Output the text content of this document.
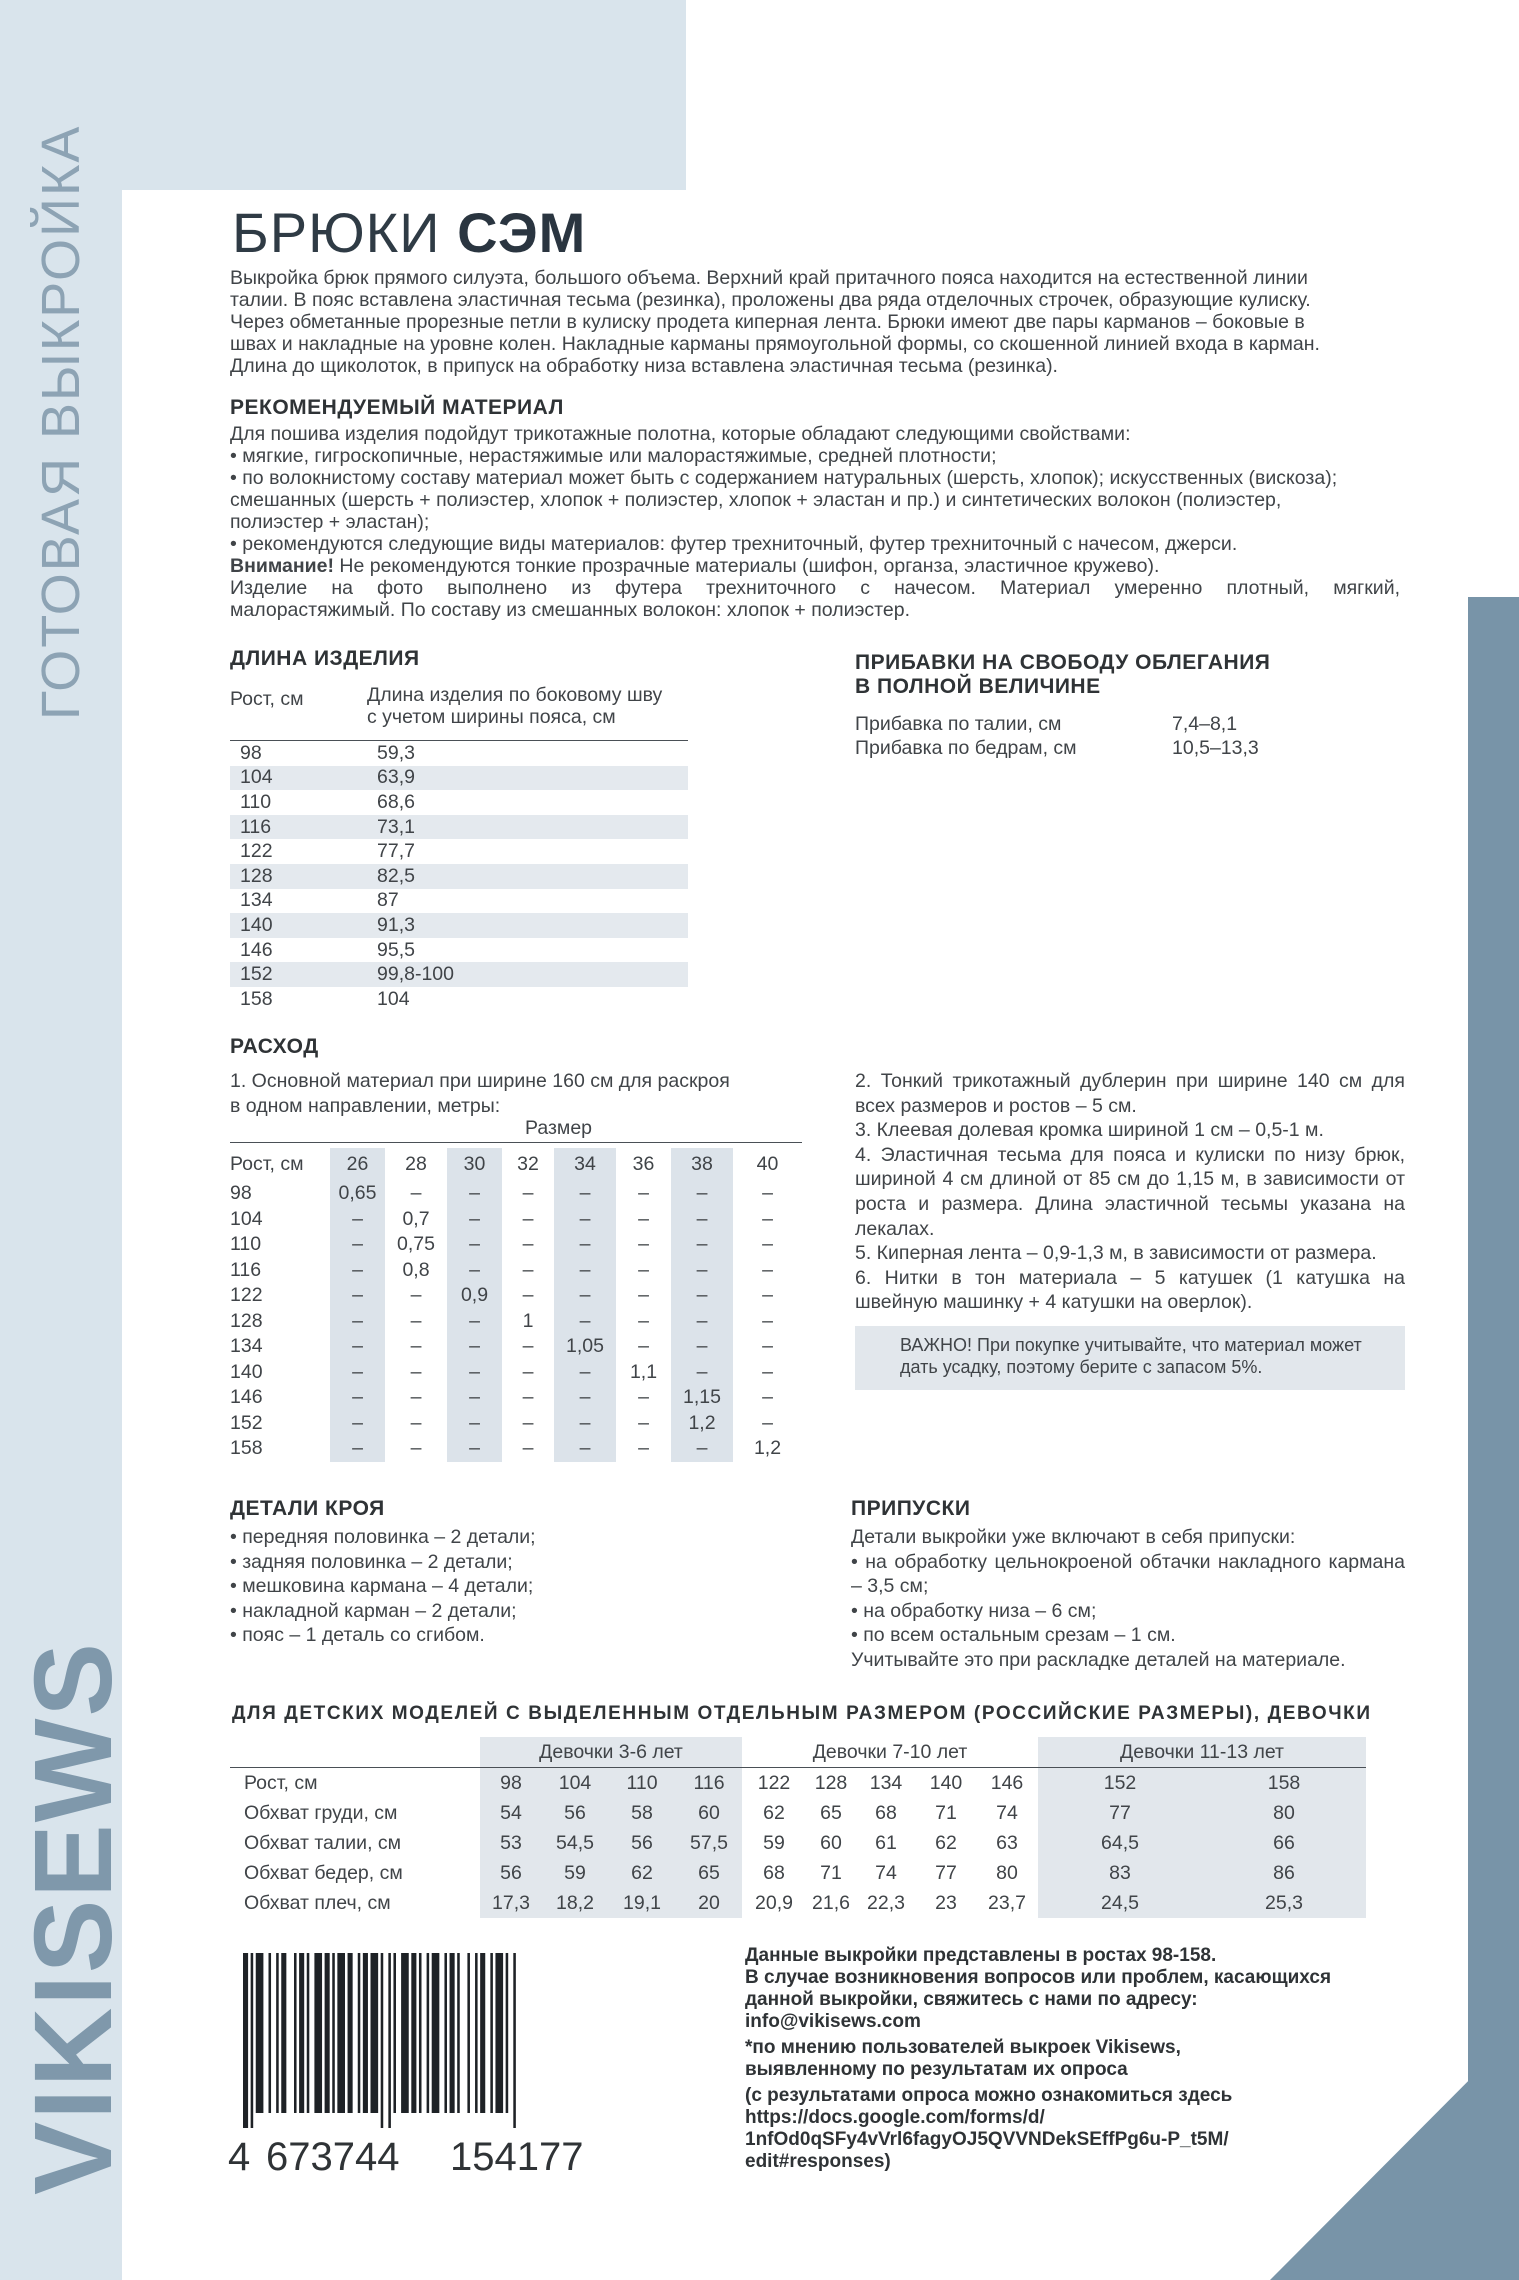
ГОТОВАЯ ВЫКРОЙКА
VIKISEWS
БРЮКИ СЭМ
Выкройка брюк прямого силуэта, большого объема. Верхний край притачного пояса находится на естественной линии
талии. В пояс вставлена эластичная тесьма (резинка), проложены два ряда отделочных строчек, образующие кулиску.
Через обметанные прорезные петли в кулиску продета киперная лента. Брюки имеют две пары карманов – боковые в
швах и накладные на уровне колен. Накладные карманы прямоугольной формы, со скошенной линией входа в карман.
Длина до щиколоток, в припуск на обработку низа вставлена эластичная тесьма (резинка).
РЕКОМЕНДУЕМЫЙ МАТЕРИАЛ
Для пошива изделия подойдут трикотажные полотна, которые обладают следующими свойствами:
• мягкие, гигроскопичные, нерастяжимые или малорастяжимые, средней плотности;
• по волокнистому составу материал может быть с содержанием натуральных (шерсть, хлопок); искусственных (вискоза);
смешанных (шерсть + полиэстер, хлопок + полиэстер, хлопок + эластан и пр.) и синтетических волокон (полиэстер,
полиэстер + эластан);
• рекомендуются следующие виды материалов: футер трехниточный, футер трехниточный с начесом, джерси.
Внимание! Не рекомендуются тонкие прозрачные материалы (шифон, органза, эластичное кружево).
Изделие на фото выполнено из футера трехниточного с начесом. Материал умеренно плотный, мягкий,
малорастяжимый. По составу из смешанных волокон: хлопок + полиэстер.
ДЛИНА ИЗДЕЛИЯ
Рост, см	Длина изделия по боковому шву
с учетом ширины пояса, см
98	59,3
104	63,9
110	68,6
116	73,1
122	77,7
128	82,5
134	87
140	91,3
146	95,5
152	99,8-100
158	104
ПРИБАВКИ НА СВОБОДУ ОБЛЕГАНИЯ
В ПОЛНОЙ ВЕЛИЧИНЕ
Прибавка по талии, см	7,4–8,1
Прибавка по бедрам, см	10,5–13,3
РАСХОД
1. Основной материал при ширине 160 см для раскроя
в одном направлении, метры:
Размер
Рост, см	26	28	30	32	34	36	38	40
98	0,65	–	–	–	–	–	–	–
104	–	0,7	–	–	–	–	–	–
110	–	0,75	–	–	–	–	–	–
116	–	0,8	–	–	–	–	–	–
122	–	–	0,9	–	–	–	–	–
128	–	–	–	1	–	–	–	–
134	–	–	–	–	1,05	–	–	–
140	–	–	–	–	–	1,1	–	–
146	–	–	–	–	–	–	1,15	–
152	–	–	–	–	–	–	1,2	–
158	–	–	–	–	–	–	–	1,2
2. Тонкий трикотажный дублерин при ширине 140 см для всех размеров и ростов – 5 см.
3. Клеевая долевая кромка шириной 1 см – 0,5-1 м.
4. Эластичная тесьма для пояса и кулиски по низу брюк, шириной 4 см длиной от 85 см до 1,15 м, в зависимости от роста и размера. Длина эластичной тесьмы указана на лекалах.
5. Киперная лента – 0,9-1,3 м, в зависимости от размера.
6. Нитки в тон материала – 5 катушек (1 катушка на швейную машинку + 4 катушки на оверлок).
ВАЖНО! При покупке учитывайте, что материал может дать усадку, поэтому берите с запасом 5%.
ДЕТАЛИ КРОЯ
• передняя половинка – 2 детали;
• задняя половинка – 2 детали;
• мешковина кармана – 4 детали;
• накладной карман – 2 детали;
• пояс – 1 деталь со сгибом.
ПРИПУСКИ
Детали выкройки уже включают в себя припуски:
• на обработку цельнокроеной обтачки накладного кармана – 3,5 см;
• на обработку низа – 6 см;
• по всем остальным срезам – 1 см.
Учитывайте это при раскладке деталей на материале.
ДЛЯ ДЕТСКИХ МОДЕЛЕЙ С ВЫДЕЛЕННЫМ ОТДЕЛЬНЫМ РАЗМЕРОМ (РОССИЙСКИЕ РАЗМЕРЫ), ДЕВОЧКИ
	Девочки 3-6 лет				Девочки 7-10 лет					Девочки 11-13 лет	
Рост, см	98	104	110	116	122	128	134	140	146	152	158
Обхват груди, см	54	56	58	60	62	65	68	71	74	77	80
Обхват талии, см	53	54,5	56	57,5	59	60	61	62	63	64,5	66
Обхват бедер, см	56	59	62	65	68	71	74	77	80	83	86
Обхват плеч, см	17,3	18,2	19,1	20	20,9	21,6	22,3	23	23,7	24,5	25,3
4 673744 154177
Данные выкройки представлены в ростах 98-158.
В случае возникновения вопросов или проблем, касающихся
данной выкройки, свяжитесь с нами по адресу:
info@vikisews.com
*по мнению пользователей выкроек Vikisews,
выявленному по результатам их опроса
(с результатами опроса можно ознакомиться здесь
https://docs.google.com/forms/d/
1nfOd0qSFy4vVrl6fagyOJ5QVVNDekSEffPg6u-P_t5M/
edit#responses)
